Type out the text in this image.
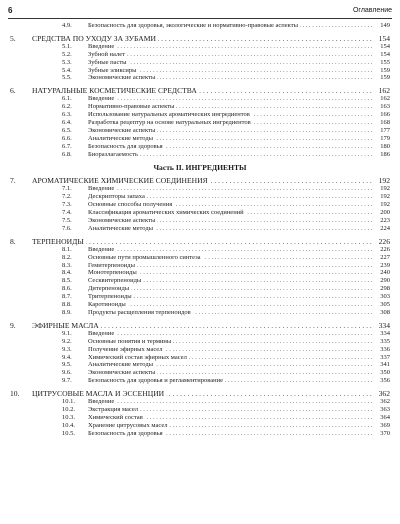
6	Оглавление
4.9.	Безопасность для здоровья, экологические и нормативно-правовые аспекты . . .	149
5. СРЕДСТВА ПО УХОДУ ЗА ЗУБАМИ . . .	154
5.1.	Введение . . .	154
5.2.	Зубной налет . . .	154
5.3.	Зубные пасты . . .	155
5.4.	Зубные эликсиры . . .	159
5.5.	Экономические аспекты . . .	159
6. НАТУРАЛЬНЫЕ КОСМЕТИЧЕСКИЕ СРЕДСТВА . . .	162
6.1.	Введение . . .	162
6.2.	Нормативно-правовые аспекты . . .	163
6.3.	Использование натуральных ароматических ингредиентов . . .	166
6.4.	Разработка рецептур на основе натуральных ингредиентов . . .	168
6.5.	Экономические аспекты . . .	177
6.6.	Аналитические методы . . .	179
6.7.	Безопасность для здоровья . . .	180
6.8.	Биоразлагаемость . . .	186
Часть II. ИНГРЕДИЕНТЫ
7. АРОМАТИЧЕСКИЕ ХИМИЧЕСКИЕ СОЕДИНЕНИЯ . . .	192
7.1.	Введение . . .	192
7.2.	Дескрипторы запаха . . .	192
7.3.	Основные способы получения . . .	192
7.4.	Классификация ароматических химических соединений . . .	200
7.5.	Экономические аспекты . . .	223
7.6.	Аналитические методы . . .	224
8. ТЕРПЕНОИДЫ . . .	226
8.1.	Введение . . .	226
8.2.	Основные пути промышленного синтеза . . .	227
8.3.	Гемитерпеноиды . . .	239
8.4.	Монотерпеноиды . . .	240
8.5.	Сесквитерпеноиды . . .	290
8.6.	Дитерпеноиды . . .	298
8.7.	Тритерпеноиды . . .	303
8.8.	Каротиноиды . . .	305
8.9.	Продукты расщепления терпеноидов . . .	308
9. ЭФИРНЫЕ МАСЛА . . .	334
9.1.	Введение . . .	334
9.2.	Основные понятия и термины . . .	335
9.3.	Получение эфирных масел . . .	336
9.4.	Химический состав эфирных масел . . .	337
9.5.	Аналитические методы . . .	341
9.6.	Экономические аспекты . . .	350
9.7.	Безопасность для здоровья и регламентирование . . .	356
10. ЦИТРУСОВЫЕ МАСЛА И ЭССЕНЦИИ . . .	362
10.1. Введение . . .	362
10.2. Экстракция масел . . .	363
10.3. Химический состав . . .	364
10.4. Хранение цитрусовых масел . . .	369
10.5. Безопасность для здоровья . . .	370
